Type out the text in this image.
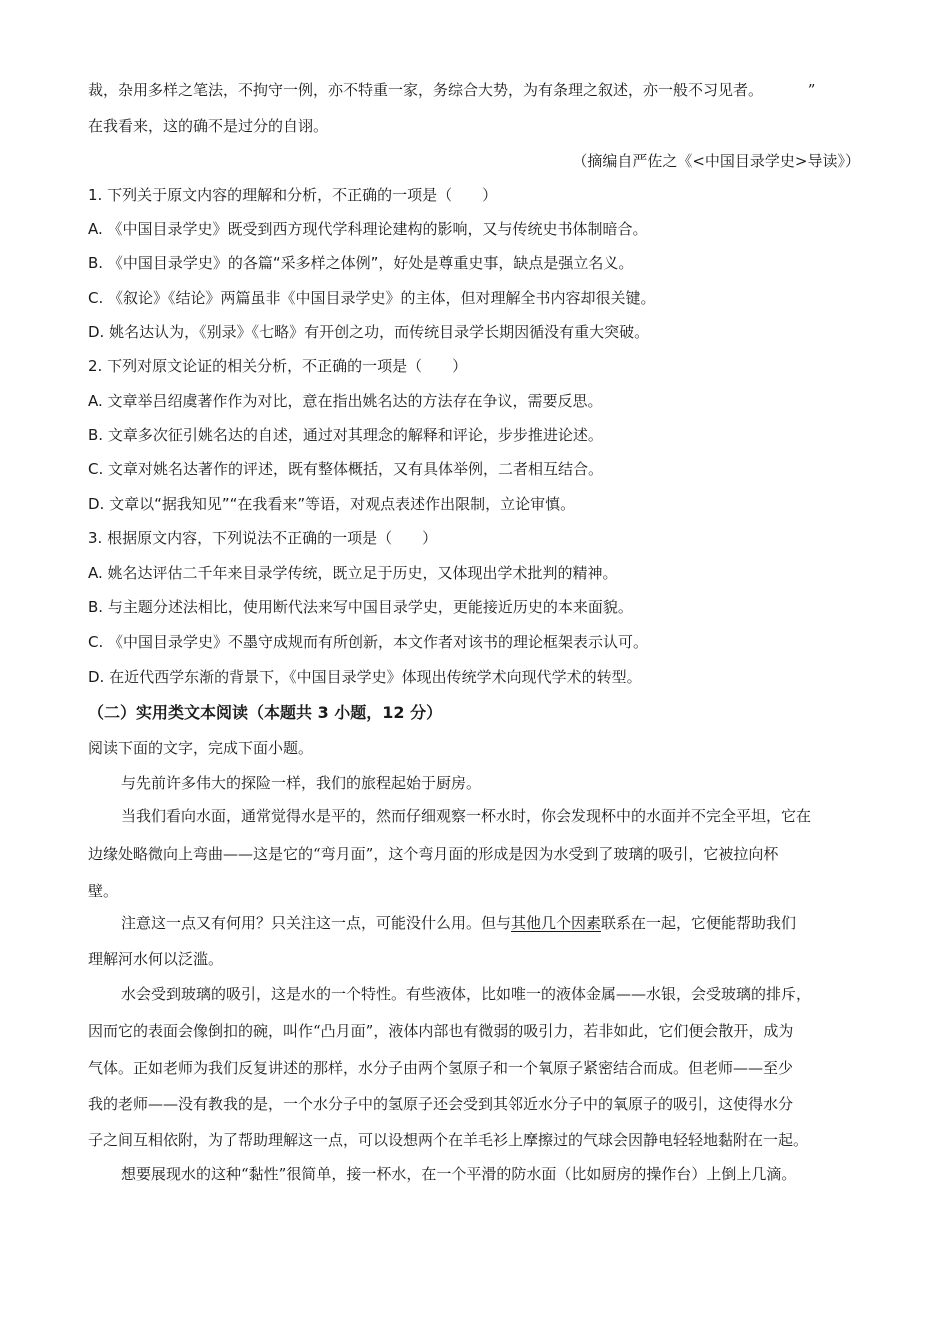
裁，杂用多样之笔法，不拘守一例，亦不特重一家，务综合大势，为有条理之叙述，亦一般不习见者。	”
在我看来，这的确不是过分的自诩。
（摘编自严佐之《<中国目录学史>导读》）
1. 下列关于原文内容的理解和分析，不正确的一项是（　　）
A. 《中国目录学史》既受到西方现代学科理论建构的影响，又与传统史书体制暗合。
B. 《中国目录学史》的各篇“采多样之体例”，好处是尊重史事，缺点是强立名义。
C. 《叙论》《结论》两篇虽非《中国目录学史》的主体，但对理解全书内容却很关键。
D. 姚名达认为，《别录》《七略》有开创之功，而传统目录学长期因循没有重大突破。
2. 下列对原文论证的相关分析，不正确的一项是（　　）
A. 文章举吕绍虞著作作为对比，意在指出姚名达的方法存在争议，需要反思。
B. 文章多次征引姚名达的自述，通过对其理念的解释和评论，步步推进论述。
C. 文章对姚名达著作的评述，既有整体概括，又有具体举例，二者相互结合。
D. 文章以“据我知见”“在我看来”等语，对观点表述作出限制，立论审慎。
3. 根据原文内容，下列说法不正确的一项是（　　）
A. 姚名达评估二千年来目录学传统，既立足于历史，又体现出学术批判的精神。
B. 与主题分述法相比，使用断代法来写中国目录学史，更能接近历史的本来面貌。
C. 《中国目录学史》不墨守成规而有所创新，本文作者对该书的理论框架表示认可。
D. 在近代西学东渐的背景下，《中国目录学史》体现出传统学术向现代学术的转型。
（二）实用类文本阅读（本题共 3 小题，12 分）
阅读下面的文字，完成下面小题。
与先前许多伟大的探险一样，我们的旅程起始于厨房。
当我们看向水面，通常觉得水是平的，然而仔细观察一杯水时，你会发现杯中的水面并不完全平坦，它在
边缘处略微向上弯曲——这是它的“弯月面”，这个弯月面的形成是因为水受到了玻璃的吸引，它被拉向杯
壁。
注意这一点又有何用？只关注这一点，可能没什么用。但与其他几个因素联系在一起，它便能帮助我们
理解河水何以泛滥。
水会受到玻璃的吸引，这是水的一个特性。有些液体，比如唯一的液体金属——水银，会受玻璃的排斥，
因而它的表面会像倒扣的碗，叫作“凸月面”，液体内部也有微弱的吸引力，若非如此，它们便会散开，成为
气体。正如老师为我们反复讲述的那样，水分子由两个氢原子和一个氧原子紧密结合而成。但老师——至少
我的老师——没有教我的是，一个水分子中的氢原子还会受到其邻近水分子中的氧原子的吸引，这使得水分
子之间互相依附，为了帮助理解这一点，可以设想两个在羊毛衫上摩擦过的气球会因静电轻轻地黏附在一起。
想要展现水的这种“黏性”很简单，接一杯水，在一个平滑的防水面（比如厨房的操作台）上倒上几滴。
